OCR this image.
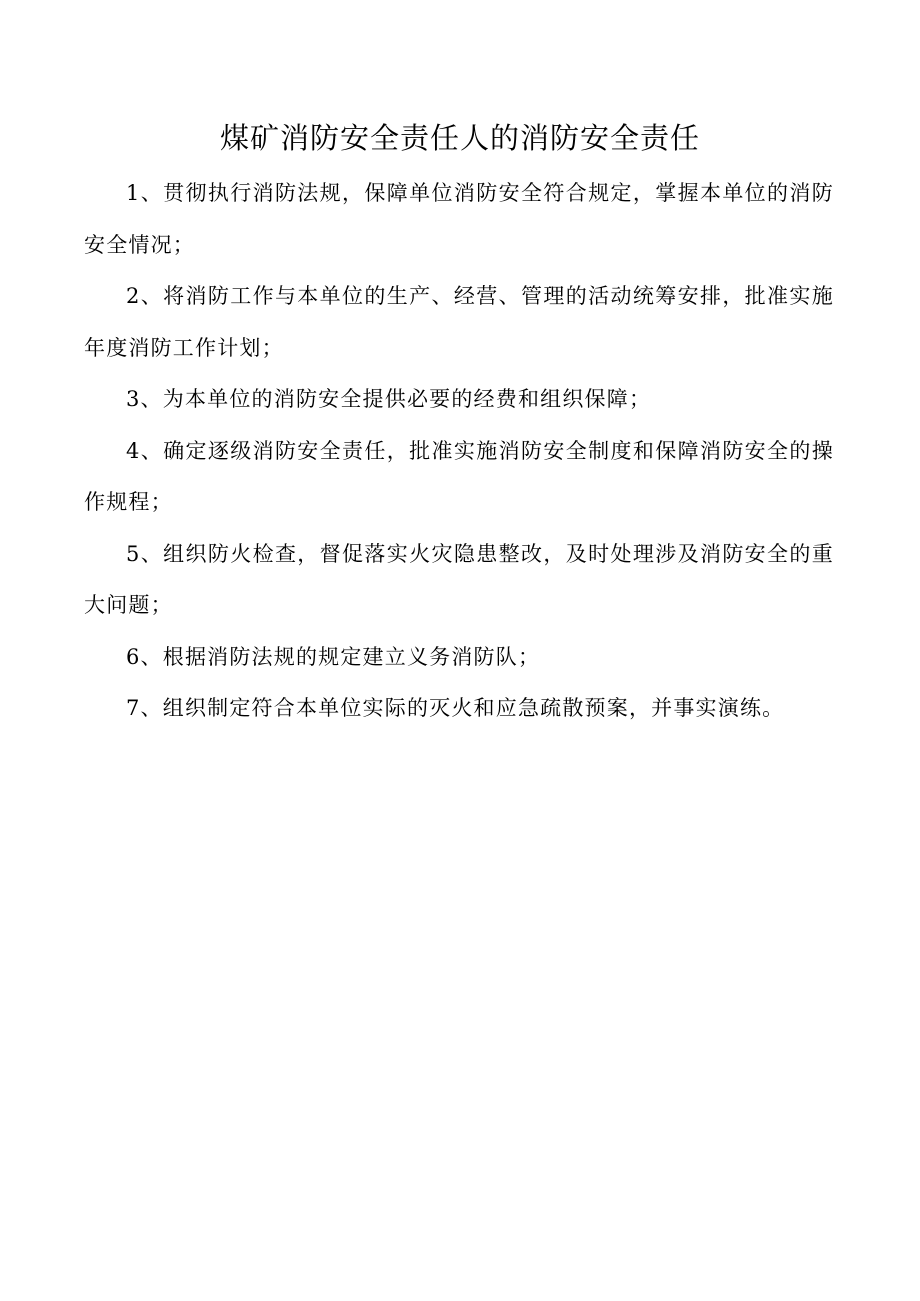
煤矿消防安全责任人的消防安全责任

1、贯彻执行消防法规，保障单位消防安全符合规定，掌握本单位的消防安全情况；

2、将消防工作与本单位的生产、经营、管理的活动统筹安排，批准实施年度消防工作计划；

3、为本单位的消防安全提供必要的经费和组织保障；

4、确定逐级消防安全责任，批准实施消防安全制度和保障消防安全的操作规程；

5、组织防火检查，督促落实火灾隐患整改，及时处理涉及消防安全的重大问题；

6、根据消防法规的规定建立义务消防队；

7、组织制定符合本单位实际的灭火和应急疏散预案，并事实演练。
